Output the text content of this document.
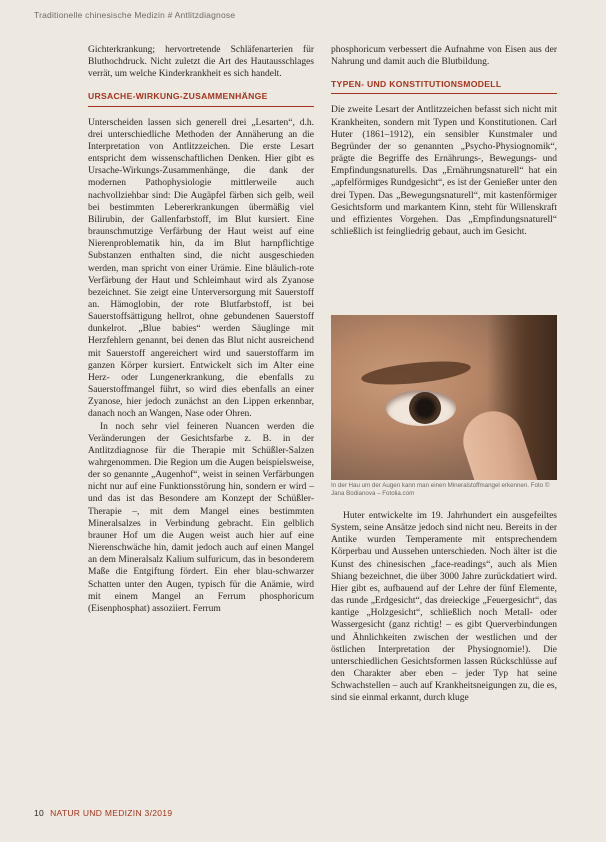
Traditionelle chinesische Medizin # Antlitzdiagnose

Gichterkrankung; hervortretende Schläfenarterien für Bluthochdruck. Nicht zuletzt die Art des Hautausschlages verrät, um welche Kinderkrankheit es sich handelt.

URSACHE-WIRKUNG-ZUSAMMENHÄNGE

Unterscheiden lassen sich generell drei „Lesarten“, d.h. drei unterschiedliche Methoden der Annäherung an die Interpretation von Antlitzzeichen. Die erste Lesart entspricht dem wissenschaftlichen Denken. Hier gibt es Ursache-Wirkungs-Zusammenhänge, die dank der modernen Pathophysiologie mittlerweile auch nachvollziehbar sind: Die Augäpfel färben sich gelb, weil bei bestimmten Lebererkrankungen übermäßig viel Bilirubin, der Gallenfarbstoff, im Blut kursiert. Eine braunschmutzige Verfärbung der Haut weist auf eine Nierenproblematik hin, da im Blut harnpflichtige Substanzen enthalten sind, die nicht ausgeschieden werden, man spricht von einer Urämie. Eine bläulich-rote Verfärbung der Haut und Schleimhaut wird als Zyanose bezeichnet. Sie zeigt eine Unterversorgung mit Sauerstoff an. Hämoglobin, der rote Blutfarbstoff, ist bei Sauerstoffsättigung hellrot, ohne gebundenen Sauerstoff dunkelrot. „Blue babies“ werden Säuglinge mit Herzfehlern genannt, bei denen das Blut nicht ausreichend mit Sauerstoff angereichert wird und sauerstoffarm im ganzen Körper kursiert. Entwickelt sich im Alter eine Herz- oder Lungenerkrankung, die ebenfalls zu Sauerstoffmangel führt, so wird dies ebenfalls an einer Zyanose, hier jedoch zunächst an den Lippen erkennbar, danach noch an Wangen, Nase oder Ohren.

In noch sehr viel feineren Nuancen werden die Veränderungen der Gesichtsfarbe z. B. in der Antlitzdiagnose für die Therapie mit Schüßler-Salzen wahrgenommen. Die Region um die Augen beispielsweise, der so genannte „Augenhof“, weist in seinen Verfärbungen nicht nur auf eine Funktionsstörung hin, sondern er wird – und das ist das Besondere am Konzept der Schüßler-Therapie –, mit dem Mangel eines bestimmten Mineralsalzes in Verbindung gebracht. Ein gelblich brauner Hof um die Augen weist auch hier auf eine Nierenschwäche hin, damit jedoch auch auf einen Mangel an dem Mineralsalz Kalium sulfuricum, das in besonderem Maße die Entgiftung fördert. Ein eher blau-schwarzer Schatten unter den Augen, typisch für die Anämie, wird mit einem Mangel an Ferrum phosphoricum (Eisenphosphat) assoziiert. Ferrum

phosphoricum verbessert die Aufnahme von Eisen aus der Nahrung und damit auch die Blutbildung.

TYPEN- UND KONSTITUTIONSMODELL

Die zweite Lesart der Antlitzzeichen befasst sich nicht mit Krankheiten, sondern mit Typen und Konstitutionen. Carl Huter (1861–1912), ein sensibler Kunstmaler und Begründer der so genannten „Psycho-Physiognomik“, prägte die Begriffe des Ernährungs-, Bewegungs- und Empfindungsnaturells. Das „Ernährungsnaturell“ hat ein „apfelförmiges Rundgesicht“, es ist der Genießer unter den drei Typen. Das „Bewegungsnaturell“, mit kastenförmiger Gesichtsform und markantem Kinn, steht für Willenskraft und effizientes Vorgehen. Das „Empfindungsnaturell“ schließlich ist feingliedrig gebaut, auch im Gesicht.

In der Hau um der Augen kann man einen Mineralstoffmangel erkennen. Foto © Jana Bodianova – Fotolia.com

Huter entwickelte im 19. Jahrhundert ein ausgefeiltes System, seine Ansätze jedoch sind nicht neu. Bereits in der Antike wurden Temperamente mit entsprechendem Körperbau und Aussehen unterschieden. Noch älter ist die Kunst des chinesischen „face-readings“, auch als Mien Shiang bezeichnet, die über 3000 Jahre zurückdatiert wird. Hier gibt es, aufbauend auf der Lehre der fünf Elemente, das runde „Erdgesicht“, das dreieckige „Feuergesicht“, das kantige „Holzgesicht“, schließlich noch Metall- oder Wassergesicht (ganz richtig! – es gibt Querverbindungen und Ähnlichkeiten zwischen der westlichen und der östlichen Interpretation der Physiognomie!). Die unterschiedlichen Gesichtsformen lassen Rückschlüsse auf den Charakter aber eben – jeder Typ hat seine Schwachstellen – auch auf Krankheitsneigungen zu, die es, sind sie einmal erkannt, durch kluge

10 NATUR UND MEDIZIN 3/2019
